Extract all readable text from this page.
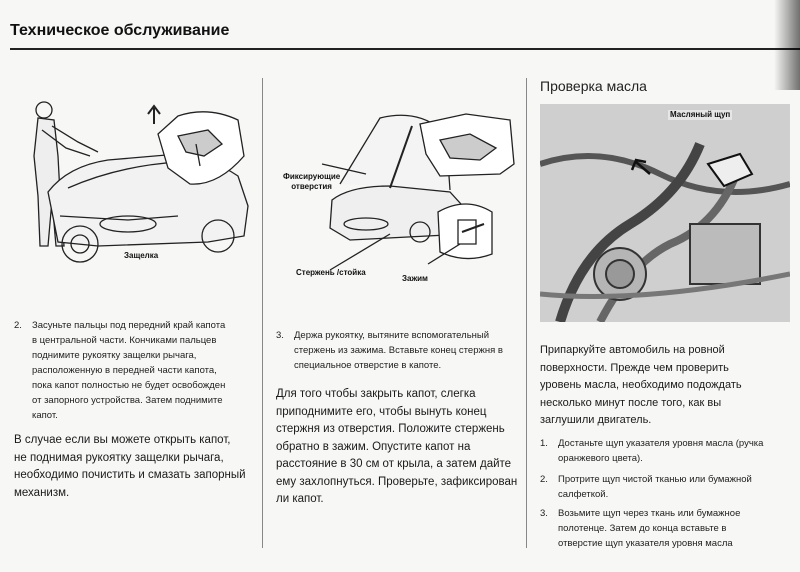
Техническое обслуживание
Защелка
2. Засуньте пальцы под передний край капота
в центральной части. Кончиками пальцев
поднимите рукоятку защелки рычага,
расположенную в передней части капота,
пока капот полностью не будет освобожден
от запорного устройства. Затем поднимите
капот.
В случае если вы можете открыть капот,
не поднимая рукоятку защелки рычага,
необходимо почистить и смазать запорный
механизм.
Фиксирующие
отверстия
Стержень /стойка
Зажим
3. Держа рукоятку, вытяните вспомогательный
стержень из зажима. Вставьте конец стержня в
специальное отверстие в капоте.
Для того чтобы закрыть капот, слегка
приподнимите его, чтобы вынуть конец
стержня из отверстия. Положите стержень
обратно в зажим. Опустите капот на
расстояние в 30 см от крыла, а затем дайте
ему захлопнуться. Проверьте, зафиксирован
ли капот.
Проверка масла
Масляный щуп
Припаркуйте автомобиль на ровной
поверхности. Прежде чем проверить
уровень масла, необходимо подождать
несколько минут после того, как вы
заглушили двигатель.
1. Достаньте щуп указателя уровня масла (ручка
оранжевого цвета).
2. Протрите щуп чистой тканью или бумажной
салфеткой.
3. Возьмите щуп через ткань или бумажное
полотенце. Затем до конца вставьте в
отверстие щуп указателя уровня масла
